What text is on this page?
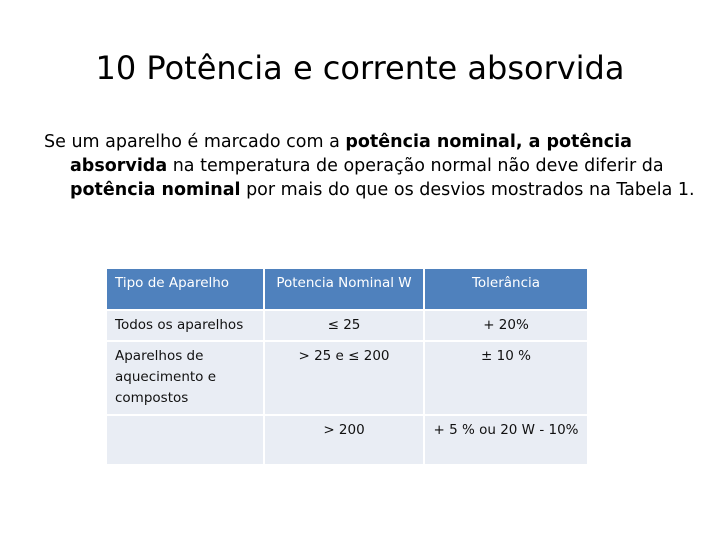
10 Potência e corrente absorvida
Se um aparelho é marcado com a potência nominal, a potência absorvida na temperatura de operação normal não deve diferir da potência nominal por mais do que os desvios mostrados na Tabela 1.
Tipo de Aparelho	Potencia Nominal W	Tolerância
Todos os aparelhos	≤ 25	+ 20%
Aparelhos de aquecimento e compostos	> 25 e ≤ 200	± 10 %
	> 200	+ 5 % ou 20 W - 10%
